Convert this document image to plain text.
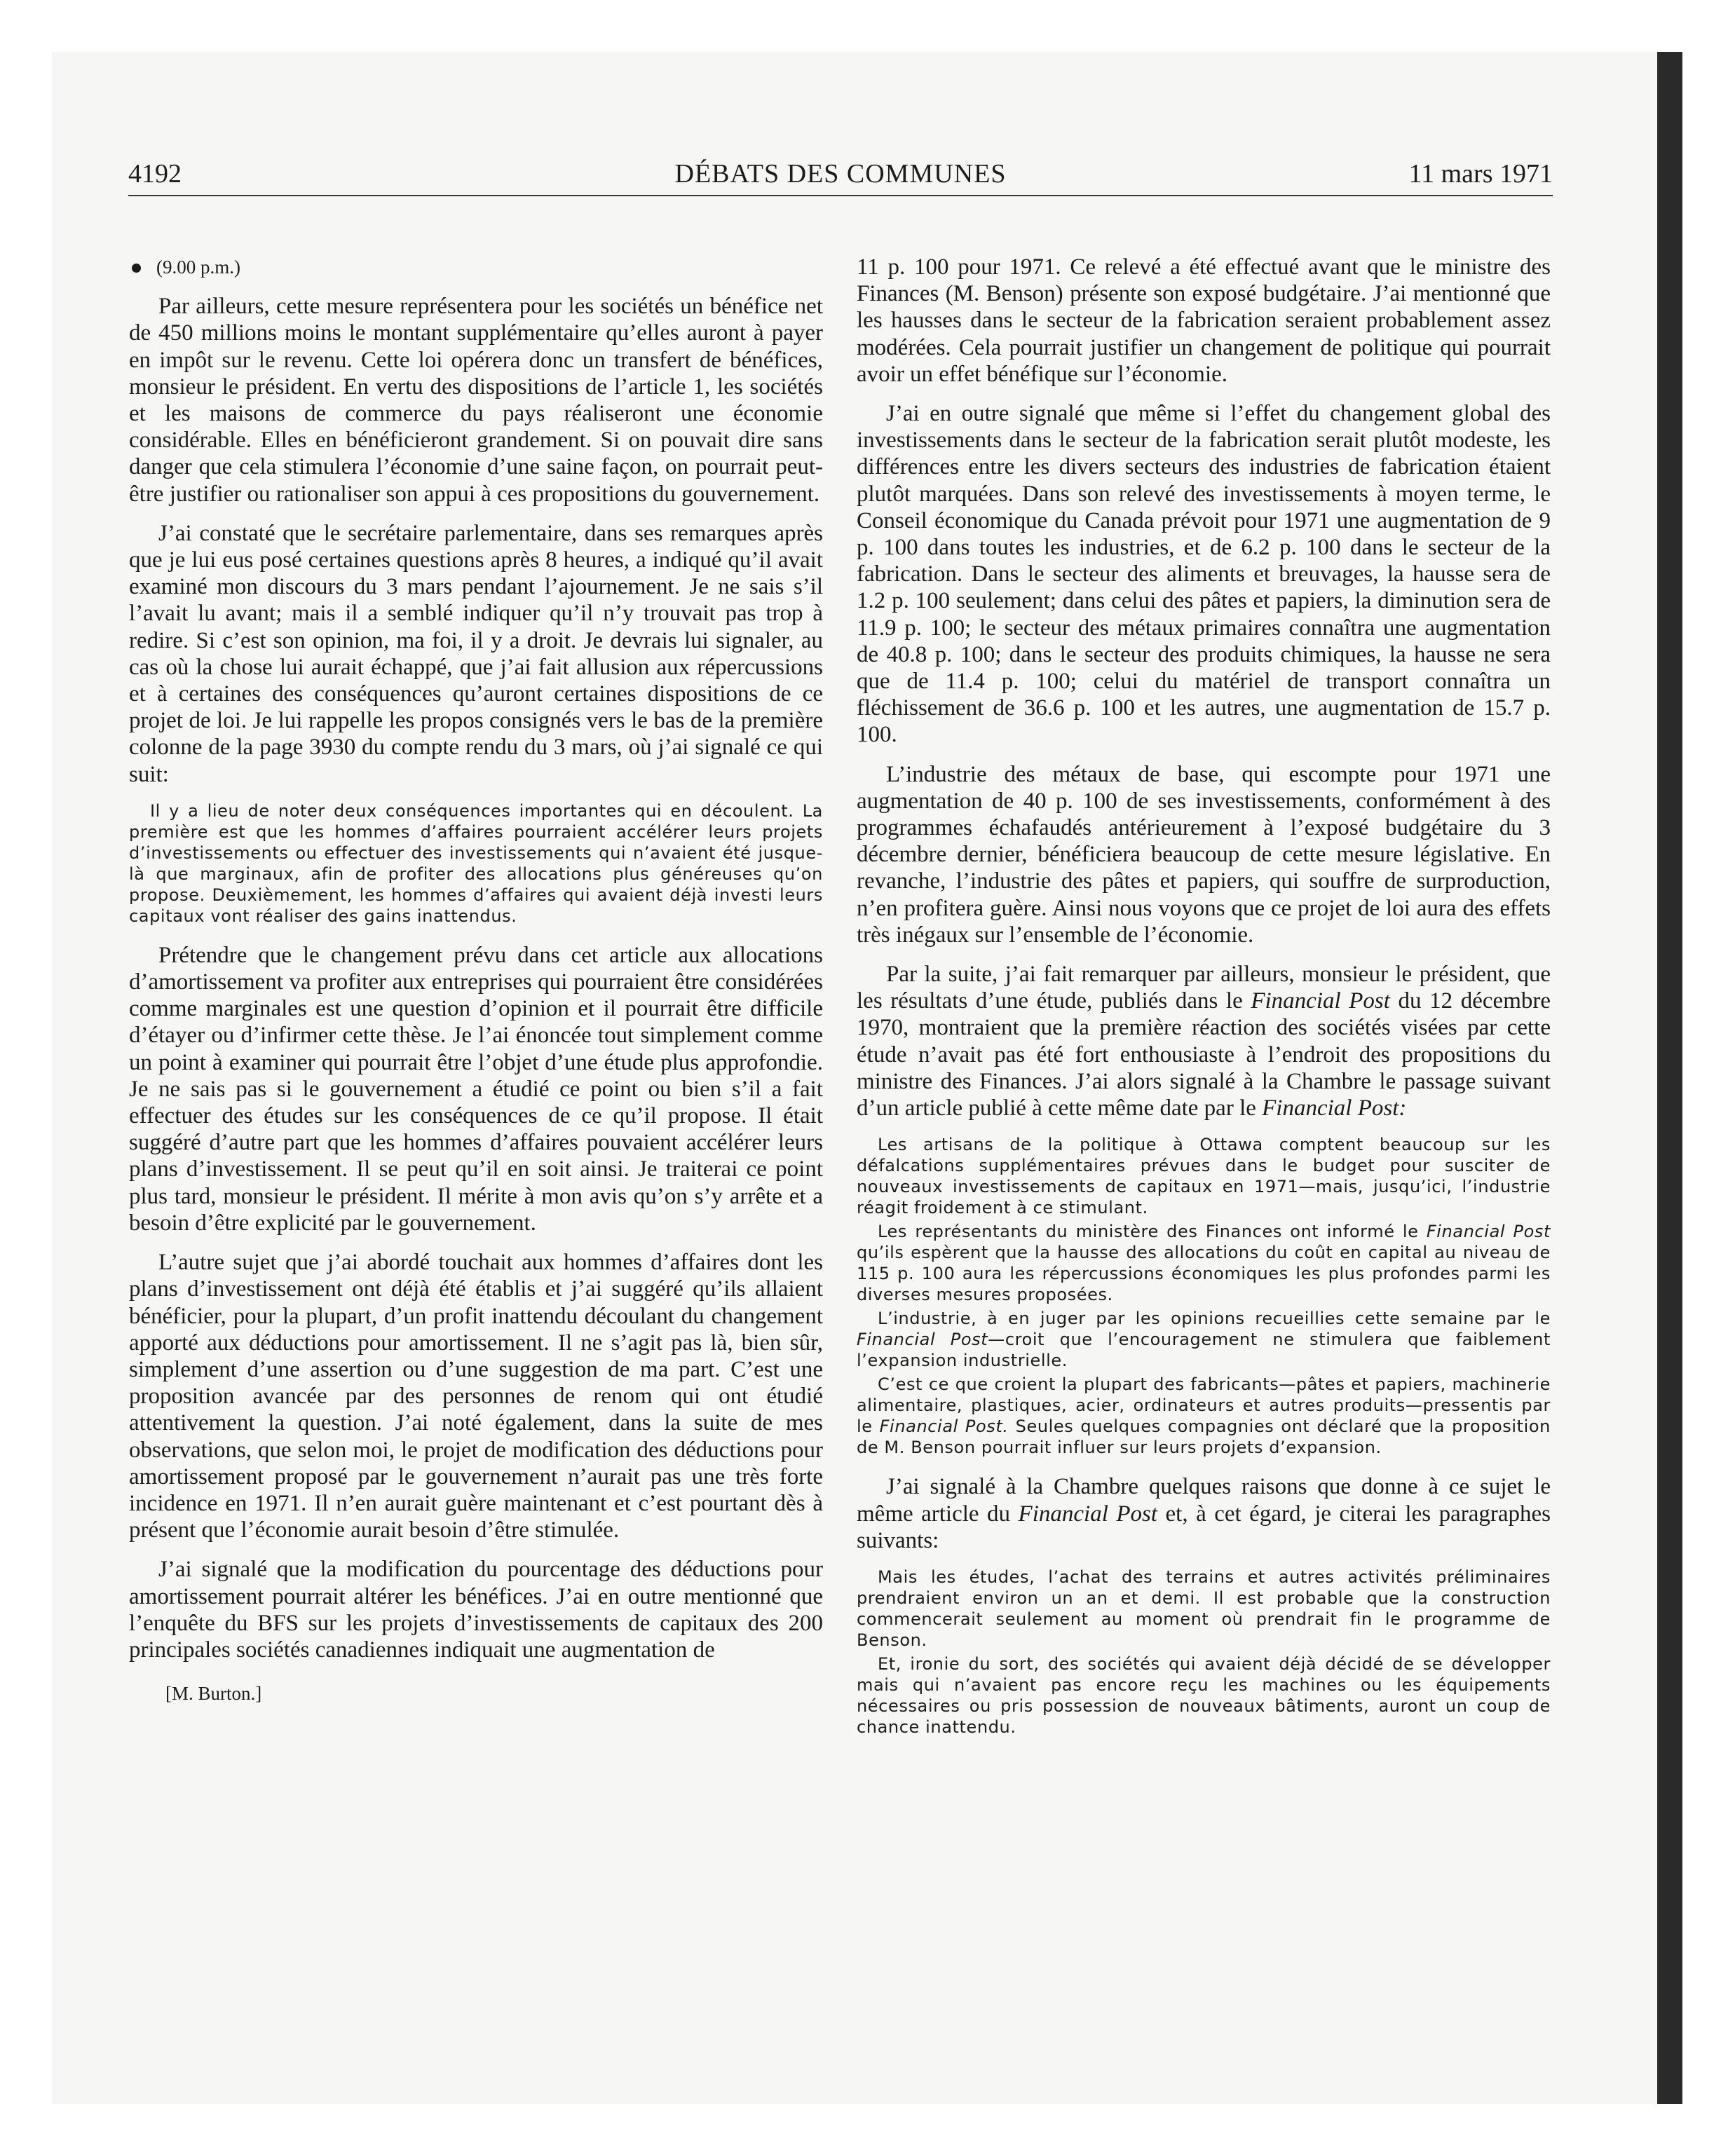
4192	DÉBATS DES COMMUNES	11 mars 1971

(9.00 p.m.)

Par ailleurs, cette mesure représentera pour les sociétés un bénéfice net de 450 millions moins le montant supplémentaire qu’elles auront à payer en impôt sur le revenu. Cette loi opérera donc un transfert de bénéfices, monsieur le président. En vertu des dispositions de l’article 1, les sociétés et les maisons de commerce du pays réaliseront une économie considérable. Elles en bénéficieront grandement. Si on pouvait dire sans danger que cela stimulera l’économie d’une saine façon, on pourrait peut-être justifier ou rationaliser son appui à ces propositions du gouvernement.

J’ai constaté que le secrétaire parlementaire, dans ses remarques après que je lui eus posé certaines questions après 8 heures, a indiqué qu’il avait examiné mon discours du 3 mars pendant l’ajournement. Je ne sais s’il l’avait lu avant; mais il a semblé indiquer qu’il n’y trouvait pas trop à redire. Si c’est son opinion, ma foi, il y a droit. Je devrais lui signaler, au cas où la chose lui aurait échappé, que j’ai fait allusion aux répercussions et à certaines des conséquences qu’auront certaines dispositions de ce projet de loi. Je lui rappelle les propos consignés vers le bas de la première colonne de la page 3930 du compte rendu du 3 mars, où j’ai signalé ce qui suit:

Il y a lieu de noter deux conséquences importantes qui en découlent. La première est que les hommes d’affaires pourraient accélérer leurs projets d’investissements ou effectuer des investissements qui n’avaient été jusque-là que marginaux, afin de profiter des allocations plus généreuses qu’on propose. Deuxièmement, les hommes d’affaires qui avaient déjà investi leurs capitaux vont réaliser des gains inattendus.

Prétendre que le changement prévu dans cet article aux allocations d’amortissement va profiter aux entreprises qui pourraient être considérées comme marginales est une question d’opinion et il pourrait être difficile d’étayer ou d’infirmer cette thèse. Je l’ai énoncée tout simplement comme un point à examiner qui pourrait être l’objet d’une étude plus approfondie. Je ne sais pas si le gouvernement a étudié ce point ou bien s’il a fait effectuer des études sur les conséquences de ce qu’il propose. Il était suggéré d’autre part que les hommes d’affaires pouvaient accélérer leurs plans d’investissement. Il se peut qu’il en soit ainsi. Je traiterai ce point plus tard, monsieur le président. Il mérite à mon avis qu’on s’y arrête et a besoin d’être explicité par le gouvernement.

L’autre sujet que j’ai abordé touchait aux hommes d’affaires dont les plans d’investissement ont déjà été établis et j’ai suggéré qu’ils allaient bénéficier, pour la plupart, d’un profit inattendu découlant du changement apporté aux déductions pour amortissement. Il ne s’agit pas là, bien sûr, simplement d’une assertion ou d’une suggestion de ma part. C’est une proposition avancée par des personnes de renom qui ont étudié attentivement la question. J’ai noté également, dans la suite de mes observations, que selon moi, le projet de modification des déductions pour amortissement proposé par le gouvernement n’aurait pas une très forte incidence en 1971. Il n’en aurait guère maintenant et c’est pourtant dès à présent que l’économie aurait besoin d’être stimulée.

J’ai signalé que la modification du pourcentage des déductions pour amortissement pourrait altérer les bénéfices. J’ai en outre mentionné que l’enquête du BFS sur les projets d’investissements de capitaux des 200 principales sociétés canadiennes indiquait une augmentation de

[M. Burton.]

11 p. 100 pour 1971. Ce relevé a été effectué avant que le ministre des Finances (M. Benson) présente son exposé budgétaire. J’ai mentionné que les hausses dans le secteur de la fabrication seraient probablement assez modérées. Cela pourrait justifier un changement de politique qui pourrait avoir un effet bénéfique sur l’économie.

J’ai en outre signalé que même si l’effet du changement global des investissements dans le secteur de la fabrication serait plutôt modeste, les différences entre les divers secteurs des industries de fabrication étaient plutôt marquées. Dans son relevé des investissements à moyen terme, le Conseil économique du Canada prévoit pour 1971 une augmentation de 9 p. 100 dans toutes les industries, et de 6.2 p. 100 dans le secteur de la fabrication. Dans le secteur des aliments et breuvages, la hausse sera de 1.2 p. 100 seulement; dans celui des pâtes et papiers, la diminution sera de 11.9 p. 100; le secteur des métaux primaires connaîtra une augmentation de 40.8 p. 100; dans le secteur des produits chimiques, la hausse ne sera que de 11.4 p. 100; celui du matériel de transport connaîtra un fléchissement de 36.6 p. 100 et les autres, une augmentation de 15.7 p. 100.

L’industrie des métaux de base, qui escompte pour 1971 une augmentation de 40 p. 100 de ses investissements, conformément à des programmes échafaudés antérieurement à l’exposé budgétaire du 3 décembre dernier, bénéficiera beaucoup de cette mesure législative. En revanche, l’industrie des pâtes et papiers, qui souffre de surproduction, n’en profitera guère. Ainsi nous voyons que ce projet de loi aura des effets très inégaux sur l’ensemble de l’économie.

Par la suite, j’ai fait remarquer par ailleurs, monsieur le président, que les résultats d’une étude, publiés dans le Financial Post du 12 décembre 1970, montraient que la première réaction des sociétés visées par cette étude n’avait pas été fort enthousiaste à l’endroit des propositions du ministre des Finances. J’ai alors signalé à la Chambre le passage suivant d’un article publié à cette même date par le Financial Post:

Les artisans de la politique à Ottawa comptent beaucoup sur les défalcations supplémentaires prévues dans le budget pour susciter de nouveaux investissements de capitaux en 1971—mais, jusqu’ici, l’industrie réagit froidement à ce stimulant.

Les représentants du ministère des Finances ont informé le Financial Post qu’ils espèrent que la hausse des allocations du coût en capital au niveau de 115 p. 100 aura les répercussions économiques les plus profondes parmi les diverses mesures proposées.

L’industrie, à en juger par les opinions recueillies cette semaine par le Financial Post—croit que l’encouragement ne stimulera que faiblement l’expansion industrielle.

C’est ce que croient la plupart des fabricants—pâtes et papiers, machinerie alimentaire, plastiques, acier, ordinateurs et autres produits—pressentis par le Financial Post. Seules quelques compagnies ont déclaré que la proposition de M. Benson pourrait influer sur leurs projets d’expansion.

J’ai signalé à la Chambre quelques raisons que donne à ce sujet le même article du Financial Post et, à cet égard, je citerai les paragraphes suivants:

Mais les études, l’achat des terrains et autres activités préliminaires prendraient environ un an et demi. Il est probable que la construction commencerait seulement au moment où prendrait fin le programme de Benson.

Et, ironie du sort, des sociétés qui avaient déjà décidé de se développer mais qui n’avaient pas encore reçu les machines ou les équipements nécessaires ou pris possession de nouveaux bâtiments, auront un coup de chance inattendu.
